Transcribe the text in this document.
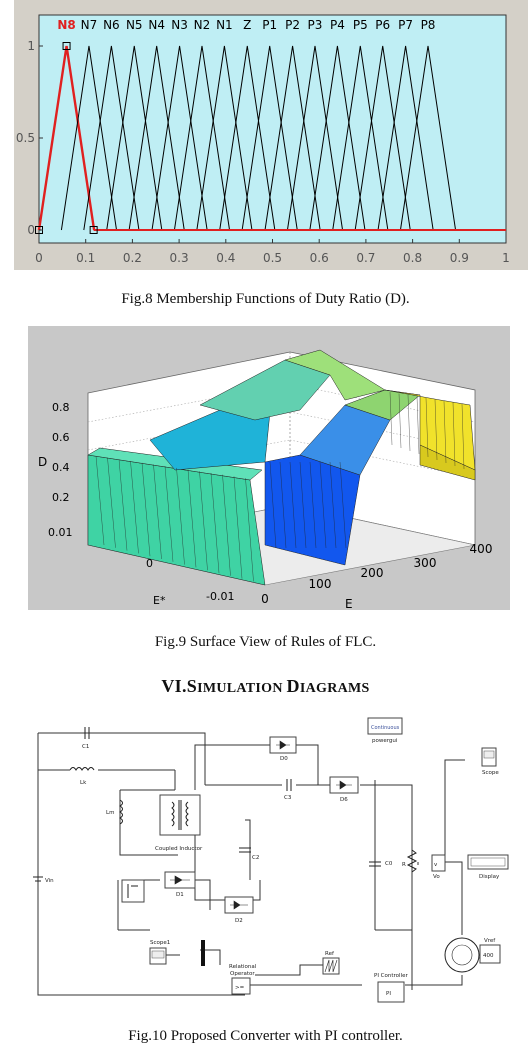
N8 N7 N6 N5 N4 N3 N2 N1 Z P1 P2 P3 P4 P5 P6 P7 P8
0	0.1 0.2 0.3 0.4 0.5 0.6 0.7 0.8 0.9	1
0
0.5
1
Fig.8 Membership Functions of Duty Ratio (D).
0.2
0.4
0.6
0.8
D
0
100
200
300
400
0.01
0
-0.01
E
E*
Fig.9 Surface View of Rules of FLC.
VI.SIMULATION DIAGRAMS
C1
Lk
Lm
Coupled Inductor
Vin
D0
C3	D6
Continuous
powergui
C2
D1
D2
C0 R	v
Vo
Scope
Display
400
Vref
Scope1
Ref
>=
Relational
Operator
PI
PI Controller
Fig.10 Proposed Converter with PI controller.
